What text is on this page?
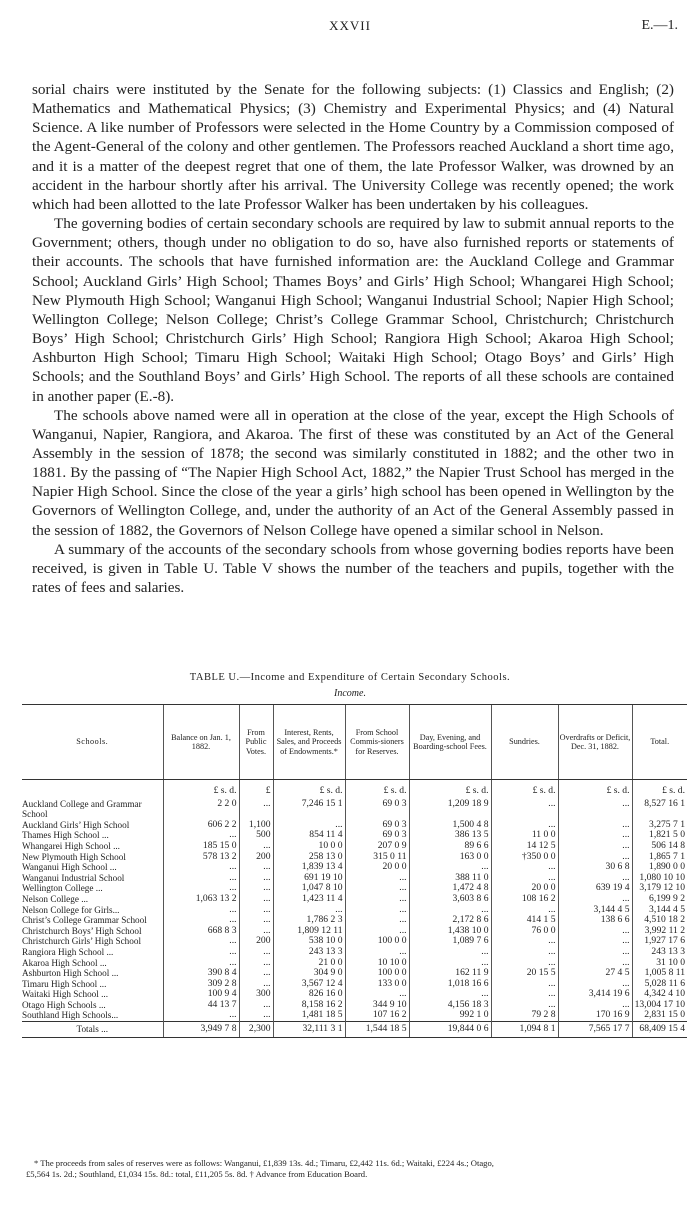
XXVII	E.—1.

sorial chairs were instituted by the Senate for the following subjects: (1) Classics and English; (2) Mathematics and Mathematical Physics; (3) Chemistry and Experimental Physics; and (4) Natural Science. A like number of Professors were selected in the Home Country by a Commission composed of the Agent-General of the colony and other gentlemen. The Professors reached Auckland a short time ago, and it is a matter of the deepest regret that one of them, the late Professor Walker, was drowned by an accident in the harbour shortly after his arrival. The University College was recently opened; the work which had been allotted to the late Professor Walker has been undertaken by his colleagues.

The governing bodies of certain secondary schools are required by law to submit annual reports to the Government; others, though under no obligation to do so, have also furnished reports or statements of their accounts. The schools that have furnished information are: the Auckland College and Grammar School; Auckland Girls’ High School; Thames Boys’ and Girls’ High School; Whangarei High School; New Plymouth High School; Wanganui High School; Wanganui Industrial School; Napier High School; Wellington College; Nelson College; Christ’s College Grammar School, Christchurch; Christchurch Boys’ High School; Christchurch Girls’ High School; Rangiora High School; Akaroa High School; Ashburton High School; Timaru High School; Waitaki High School; Otago Boys’ and Girls’ High Schools; and the Southland Boys’ and Girls’ High School. The reports of all these schools are contained in another paper (E.-8).

The schools above named were all in operation at the close of the year, except the High Schools of Wanganui, Napier, Rangiora, and Akaroa. The first of these was constituted by an Act of the General Assembly in the session of 1878; the second was similarly constituted in 1882; and the other two in 1881. By the passing of “The Napier High School Act, 1882,” the Napier Trust School has merged in the Napier High School. Since the close of the year a girls’ high school has been opened in Wellington by the Governors of Wellington College, and, under the authority of an Act of the General Assembly passed in the session of 1882, the Governors of Nelson College have opened a similar school in Nelson.

A summary of the accounts of the secondary schools from whose governing bodies reports have been received, is given in Table U. Table V shows the number of the teachers and pupils, together with the rates of fees and salaries.

TABLE U.—Income and Expenditure of Certain Secondary Schools.
Income.
Schools.	Balance on Jan. 1, 1882.	From Public Votes.	Interest, Rents, Sales, and Proceeds of Endowments.*	From School Commis-sioners for Reserves.	Day, Evening, and Boarding-school Fees.	Sundries.	Overdrafts or Deficit, Dec. 31, 1882.	Total.
	£ s. d.	£	£ s. d.	£ s. d.	£ s. d.	£ s. d.	£ s. d.	£ s. d.
Auckland College and Grammar School	2 2 0	...	7,246 15 1	69 0 3	1,209 18 9	...	...	8,527 16 1
Auckland Girls’ High School	606 2 2	1,100	...	69 0 3	1,500 4 8	...	...	3,275 7 1
Thames High School ...	...	500	854 11 4	69 0 3	386 13 5	11 0 0	...	1,821 5 0
Whangarei High School ...	185 15 0	...	10 0 0	207 0 9	89 6 6	14 12 5	...	506 14 8
New Plymouth High School	578 13 2	200	258 13 0	315 0 11	163 0 0	†350 0 0	...	1,865 7 1
Wanganui High School ...	...	...	1,839 13 4	20 0 0	...	...	30 6 8	1,890 0 0
Wanganui Industrial School	...	...	691 19 10	...	388 11 0	...	...	1,080 10 10
Wellington College ...	...	...	1,047 8 10	...	1,472 4 8	20 0 0	639 19 4	3,179 12 10
Nelson College ...	1,063 13 2	...	1,423 11 4	...	3,603 8 6	108 16 2	...	6,199 9 2
Nelson College for Girls...	...	...	...	...	...	...	3,144 4 5	3,144 4 5
Christ’s College Grammar School	...	...	1,786 2 3	...	2,172 8 6	414 1 5	138 6 6	4,510 18 2
Christchurch Boys’ High School	668 8 3	...	1,809 12 11	...	1,438 10 0	76 0 0	...	3,992 11 2
Christchurch Girls’ High School	...	200	538 10 0	100 0 0	1,089 7 6	...	...	1,927 17 6
Rangiora High School ...	...	...	243 13 3	...	...	...	...	243 13 3
Akaroa High School ...	...	...	21 0 0	10 10 0	...	...	...	31 10 0
Ashburton High School ...	390 8 4	...	304 9 0	100 0 0	162 11 9	20 15 5	27 4 5	1,005 8 11
Timaru High School ...	309 2 8	...	3,567 12 4	133 0 0	1,018 16 6	...	...	5,028 11 6
Waitaki High School ...	100 9 4	300	826 16 0	...	...	...	3,414 19 6	4,342 4 10
Otago High Schools ...	44 13 7	...	8,158 16 2	344 9 10	4,156 18 3	...	...	13,004 17 10
Southland High Schools...	...	...	1,481 18 5	107 16 2	992 1 0	79 2 8	170 16 9	2,831 15 0
Totals ...	3,949 7 8	2,300	32,111 3 1	1,544 18 5	19,844 0 6	1,094 8 1	7,565 17 7	68,409 15 4
* The proceeds from sales of reserves were as follows: Wanganui, £1,839 13s. 4d.; Timaru, £2,442 11s. 6d.; Waitaki, £224 4s.; Otago,
£5,564 1s. 2d.; Southland, £1,034 15s. 8d.: total, £11,205 5s. 8d. † Advance from Education Board.
